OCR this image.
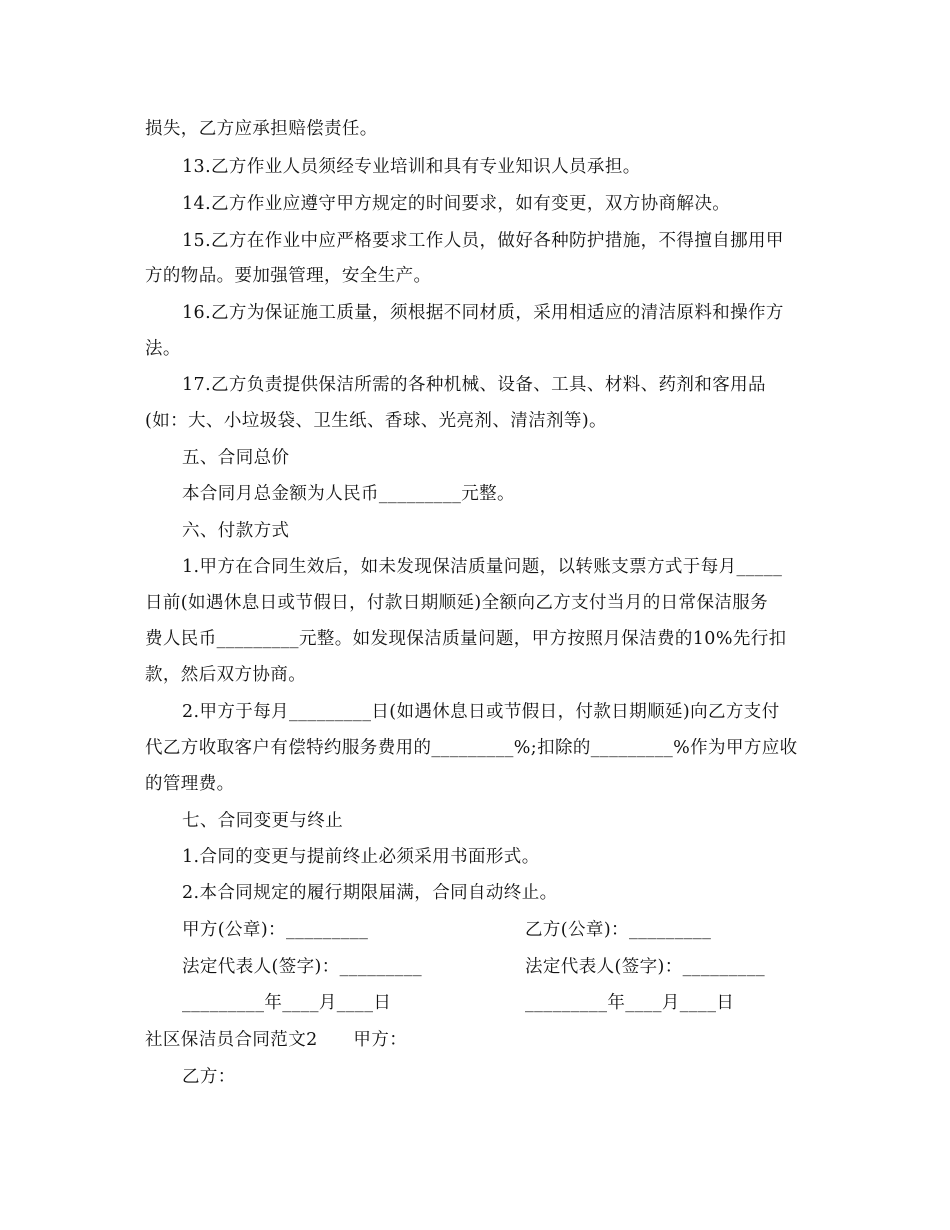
损失，乙方应承担赔偿责任。
13.乙方作业人员须经专业培训和具有专业知识人员承担。
14.乙方作业应遵守甲方规定的时间要求，如有变更，双方协商解决。
15.乙方在作业中应严格要求工作人员，做好各种防护措施，不得擅自挪用甲
方的物品。要加强管理，安全生产。
16.乙方为保证施工质量，须根据不同材质，采用相适应的清洁原料和操作方
法。
17.乙方负责提供保洁所需的各种机械、设备、工具、材料、药剂和客用品
(如：大、小垃圾袋、卫生纸、香球、光亮剂、清洁剂等)。
五、合同总价
本合同月总金额为人民币_________元整。
六、付款方式
1.甲方在合同生效后，如未发现保洁质量问题，以转账支票方式于每月_____
日前(如遇休息日或节假日，付款日期顺延)全额向乙方支付当月的日常保洁服务
费人民币_________元整。如发现保洁质量问题，甲方按照月保洁费的10%先行扣
款，然后双方协商。
2.甲方于每月_________日(如遇休息日或节假日，付款日期顺延)向乙方支付
代乙方收取客户有偿特约服务费用的_________%;扣除的_________%作为甲方应收
的管理费。
七、合同变更与终止
1.合同的变更与提前终止必须采用书面形式。
2.本合同规定的履行期限届满，合同自动终止。
甲方(公章)：_________	乙方(公章)：_________
法定代表人(签字)：_________	法定代表人(签字)：_________
_________年____月____日	_________年____月____日
社区保洁员合同范文2　　甲方：
乙方：
